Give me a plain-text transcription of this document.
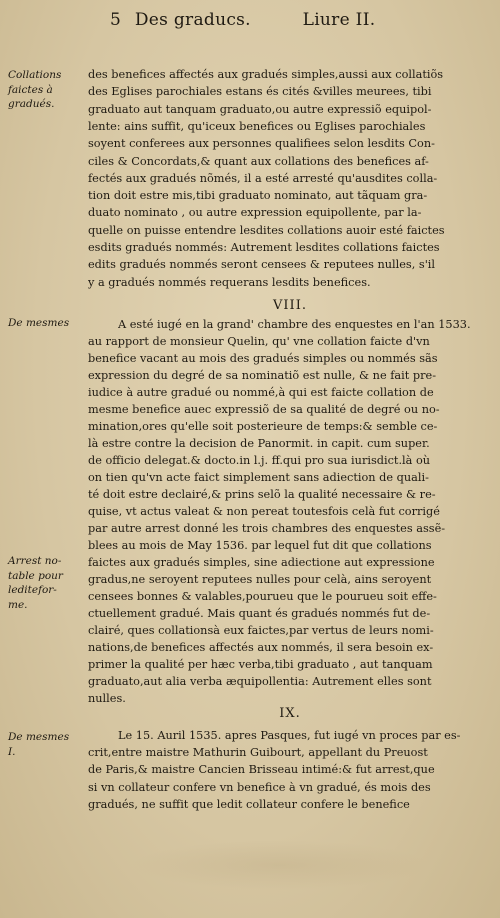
5 Des graducs.	Liure II.
Collations
faictes à
gradués.
De mesmes
Arrest no-
table pour
leditefor-
me.
De mesmes
I.
VIII.
IX.
des benefices affectés aux gradués simples,aussi aux collatiõs
des Eglises parochiales estans és cités &villes meurees, tibi
graduato aut tanquam graduato,ou autre expressiõ equipol-
lente: ains suffit, qu'iceux benefices ou Eglises parochiales
soyent conferees aux personnes qualifiees selon lesdits Con-
ciles & Concordats,& quant aux collations des benefices af-
fectés aux gradués nõmés, il a esté arresté qu'ausdites colla-
tion doit estre mis,tibi graduato nominato, aut tãquam gra-
duato nominato , ou autre expression equipollente, par la-
quelle on puisse entendre lesdites collations auoir esté faictes
esdits gradués nommés: Autrement lesdites collations faictes
edits gradués nommés seront censees & reputees nulles, s'il
y a gradués nommés requerans lesdits benefices.
A esté iugé en la grand' chambre des enquestes en l'an 1533.
au rapport de monsieur Quelin, qu' vne collation faicte d'vn
benefice vacant au mois des gradués simples ou nommés sãs
expression du degré de sa nominatiõ est nulle, & ne fait pre-
iudice à autre gradué ou nommé,à qui est faicte collation de
mesme benefice auec expressiõ de sa qualité de degré ou no-
mination,ores qu'elle soit posterieure de temps:& semble ce-
là estre contre la decision de Panormit. in capit. cum super.
de officio delegat.& docto.in l.j. ff.qui pro sua iurisdict.là où
on tien qu'vn acte faict simplement sans adiection de quali-
té doit estre declairé,& prins selõ la qualité necessaire & re-
quise, vt actus valeat & non pereat toutesfois celà fut corrigé
par autre arrest donné les trois chambres des enquestes assẽ-
blees au mois de May 1536. par lequel fut dit que collations
faictes aux gradués simples, sine adiectione aut expressione
gradus,ne seroyent reputees nulles pour celà, ains seroyent
censees bonnes & valables,pourueu que le pourueu soit effe-
ctuellement gradué. Mais quant és gradués nommés fut de-
clairé, ques collationsà eux faictes,par vertus de leurs nomi-
nations,de benefices affectés aux nommés, il sera besoin ex-
primer la qualité per hæc verba,tibi graduato , aut tanquam
graduato,aut alia verba æquipollentia: Autrement elles sont
nulles.
Le 15. Auril 1535. apres Pasques, fut iugé vn proces par es-
crit,entre maistre Mathurin Guibourt, appellant du Preuost
de Paris,& maistre Cancien Brisseau intimé:& fut arrest,que
si vn collateur confere vn benefice à vn gradué, és mois des
gradués, ne suffit que ledit collateur confere le benefice
